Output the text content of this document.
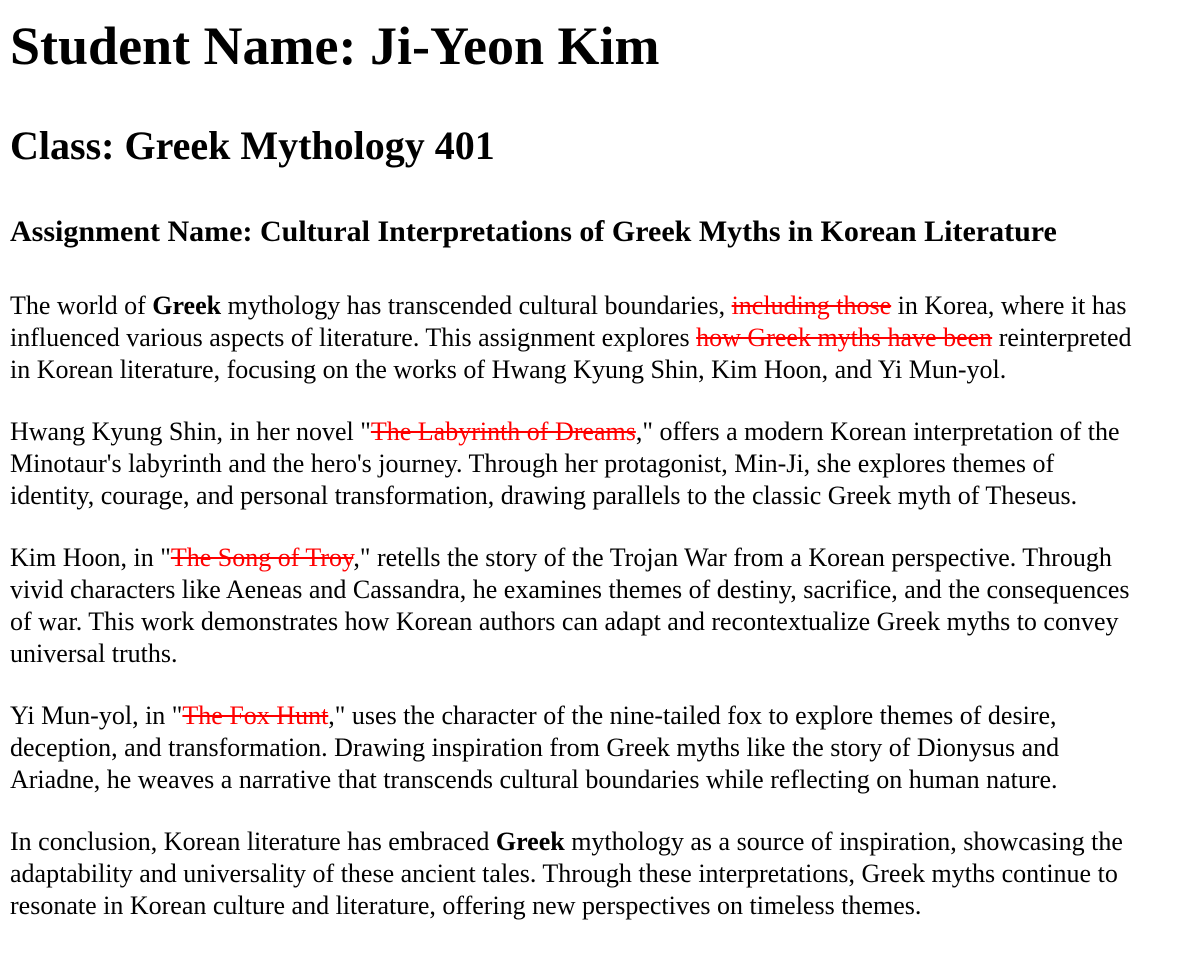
Student Name: Ji-Yeon Kim
Class: Greek Mythology 401
Assignment Name: Cultural Interpretations of Greek Myths in Korean Literature

The world of Greek mythology has transcended cultural boundaries, including those in Korea, where it has
influenced various aspects of literature. This assignment explores how Greek myths have been reinterpreted
in Korean literature, focusing on the works of Hwang Kyung Shin, Kim Hoon, and Yi Mun-yol.

Hwang Kyung Shin, in her novel "The Labyrinth of Dreams," offers a modern Korean interpretation of the
Minotaur's labyrinth and the hero's journey. Through her protagonist, Min-Ji, she explores themes of
identity, courage, and personal transformation, drawing parallels to the classic Greek myth of Theseus.

Kim Hoon, in "The Song of Troy," retells the story of the Trojan War from a Korean perspective. Through
vivid characters like Aeneas and Cassandra, he examines themes of destiny, sacrifice, and the consequences
of war. This work demonstrates how Korean authors can adapt and recontextualize Greek myths to convey
universal truths.

Yi Mun-yol, in "The Fox Hunt," uses the character of the nine-tailed fox to explore themes of desire,
deception, and transformation. Drawing inspiration from Greek myths like the story of Dionysus and
Ariadne, he weaves a narrative that transcends cultural boundaries while reflecting on human nature.

In conclusion, Korean literature has embraced Greek mythology as a source of inspiration, showcasing the
adaptability and universality of these ancient tales. Through these interpretations, Greek myths continue to
resonate in Korean culture and literature, offering new perspectives on timeless themes.
